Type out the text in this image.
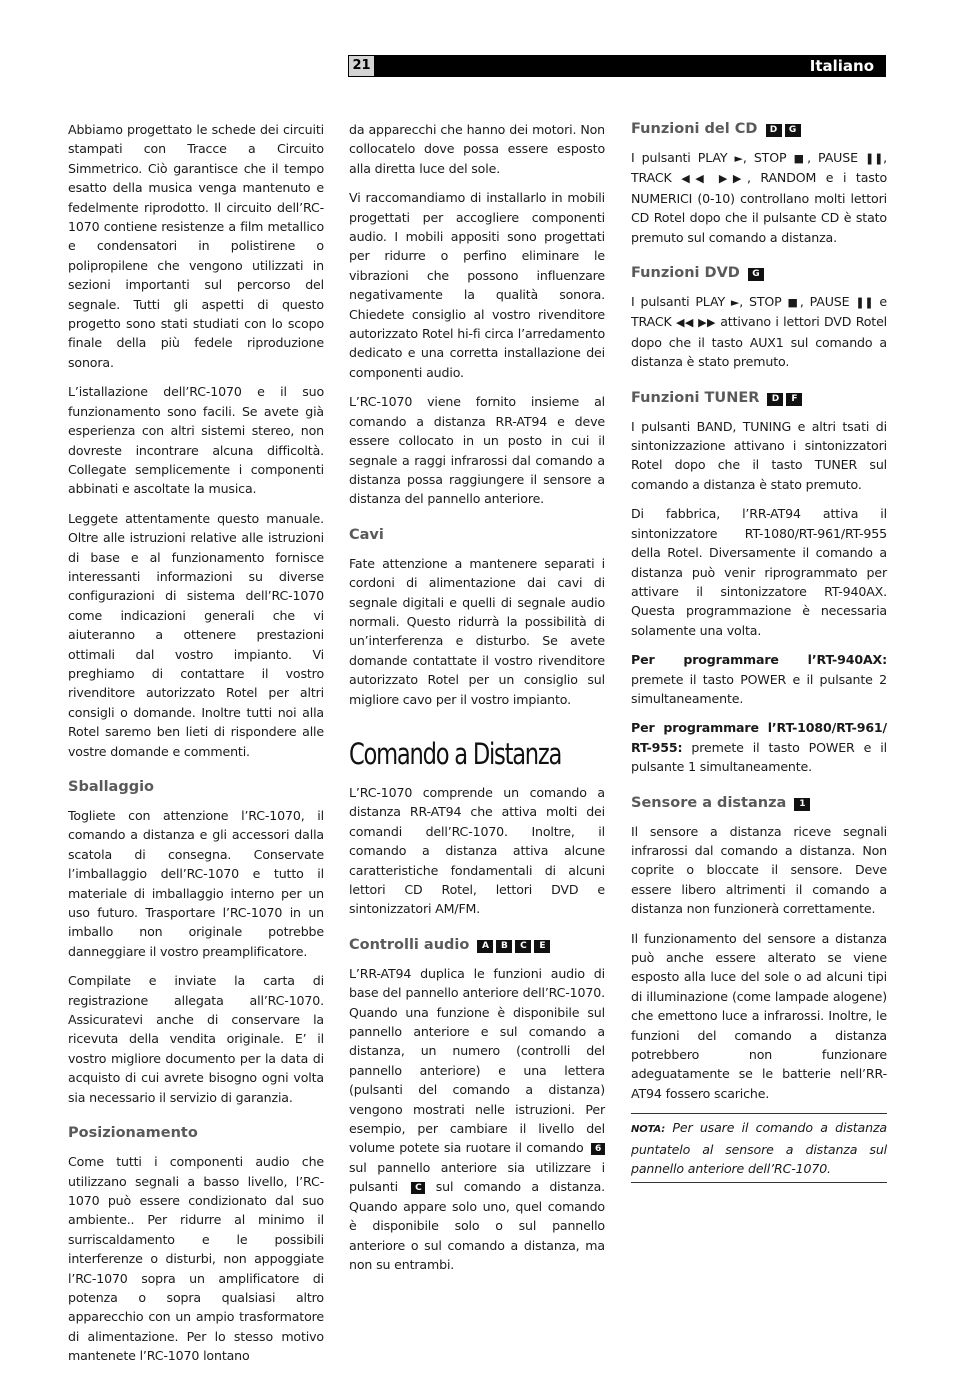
21	Italiano

Abbiamo progettato le schede dei circuiti stampati con Tracce a Circuito Simmetrico. Ciò garantisce che il tempo esatto della musica venga mantenuto e fedelmente riprodotto. Il circuito dell’RC-1070 contiene resistenze a film metallico e condensatori in polistirene o polipropilene che vengono utilizzati in sezioni importanti sul percorso del segnale. Tutti gli aspetti di questo progetto sono stati studiati con lo scopo finale della più fedele riproduzione sonora.

L’istallazione dell’RC-1070 e il suo funzionamento sono facili. Se avete già esperienza con altri sistemi stereo, non dovreste incontrare alcuna difficoltà. Collegate semplicemente i componenti abbinati e ascoltate la musica.

Leggete attentamente questo manuale. Oltre alle istruzioni relative alle istruzioni di base e al funzionamento fornisce interessanti informazioni su diverse configurazioni di sistema dell’RC-1070 come indicazioni generali che vi aiuteranno a ottenere prestazioni ottimali dal vostro impianto. Vi preghiamo di contattare il vostro rivenditore autorizzato Rotel per altri consigli o domande. Inoltre tutti noi alla Rotel saremo ben lieti di rispondere alle vostre domande e commenti.

Sballaggio

Togliete con attenzione l’RC-1070, il comando a distanza e gli accessori dalla scatola di consegna. Conservate l’imballaggio dell’RC-1070 e tutto il materiale di imballaggio interno per un uso futuro. Trasportare l’RC-1070 in un imballo non originale potrebbe danneggiare il vostro preamplificatore.

Compilate e inviate la carta di registrazione allegata all’RC-1070. Assicuratevi anche di conservare la ricevuta della vendita originale. E’ il vostro migliore documento per la data di acquisto di cui avrete bisogno ogni volta sia necessario il servizio di garanzia.

Posizionamento

Come tutti i componenti audio che utilizzano segnali a basso livello, l’RC-1070 può essere condizionato dal suo ambiente.. Per ridurre al minimo il surriscaldamento e le possibili interferenze o disturbi, non appoggiate l’RC-1070 sopra un amplificatore di potenza o sopra qualsiasi altro apparecchio con un ampio trasformatore di alimentazione. Per lo stesso motivo mantenete l’RC-1070 lontano

da apparecchi che hanno dei motori. Non collocatelo dove possa essere esposto alla diretta luce del sole.

Vi raccomandiamo di installarlo in mobili progettati per accogliere componenti audio. I mobili appositi sono progettati per ridurre o perfino eliminare le vibrazioni che possono influenzare negativamente la qualità sonora. Chiedete consiglio al vostro rivenditore autorizzato Rotel hi-fi circa l’arredamento dedicato e una corretta installazione dei componenti audio.

L’RC-1070 viene fornito insieme al comando a distanza RR-AT94 e deve essere collocato in un posto in cui il segnale a raggi infrarossi dal comando a distanza possa raggiungere il sensore a distanza del pannello anteriore.

Cavi

Fate attenzione a mantenere separati i cordoni di alimentazione dai cavi di segnale digitali e quelli di segnale audio normali. Questo ridurrà la possibilità di un’interferenza e disturbo. Se avete domande contattate il vostro rivenditore autorizzato Rotel per un consiglio sul migliore cavo per il vostro impianto.

Comando a Distanza

L’RC-1070 comprende un comando a distanza RR-AT94 che attiva molti dei comandi dell’RC-1070. Inoltre, il comando a distanza attiva alcune caratteristiche fondamentali di alcuni lettori CD Rotel, lettori DVD e sintonizzatori AM/FM.

Controlli audio A B C E

L’RR-AT94 duplica le funzioni audio di base del pannello anteriore dell’RC-1070. Quando una funzione è disponibile sul pannello anteriore e sul comando a distanza, un numero (controlli del pannello anteriore) e una lettera (pulsanti del comando a distanza) vengono mostrati nelle istruzioni. Per esempio, per cambiare il livello del volume potete sia ruotare il comando 6 sul pannello anteriore sia utilizzare i pulsanti C sul comando a distanza. Quando appare solo uno, quel comando è disponibile solo o sul pannello anteriore o sul comando a distanza, ma non su entrambi.

Funzioni del CD D G

I pulsanti PLAY ►, STOP ■, PAUSE ❚❚, TRACK ◀◀ ▶▶, RANDOM e i tasto NUMERICI (0-10) controllano molti lettori CD Rotel dopo che il pulsante CD è stato premuto sul comando a distanza.

Funzioni DVD G

I pulsanti PLAY ►, STOP ■, PAUSE ❚❚ e TRACK ◀◀ ▶▶ attivano i lettori DVD Rotel dopo che il tasto AUX1 sul comando a distanza è stato premuto.

Funzioni TUNER D F

I pulsanti BAND, TUNING e altri tsati di sintonizzazione attivano i sintonizzatori Rotel dopo che il tasto TUNER sul comando a distanza è stato premuto.

Di fabbrica, l’RR-AT94 attiva il sintonizzatore RT-1080/RT-961/RT-955 della Rotel. Diversamente il comando a distanza può venir riprogrammato per attivare il sintonizzatore RT-940AX. Questa programmazione è necessaria solamente una volta.

Per programmare l’RT-940AX: premete il tasto POWER e il pulsante 2 simultaneamente.

Per programmare l’RT-1080/RT-961/ RT-955: premete il tasto POWER e il pulsante 1 simultaneamente.

Sensore a distanza 1

Il sensore a distanza riceve segnali infrarossi dal comando a distanza. Non coprite o bloccate il sensore. Deve essere libero altrimenti il comando a distanza non funzionerà correttamente.

Il funzionamento del sensore a distanza può anche essere alterato se viene esposto alla luce del sole o ad alcuni tipi di illuminazione (come lampade alogene) che emettono luce a infrarossi. Inoltre, le funzioni del comando a distanza potrebbero non funzionare adeguatamente se le batterie nell’RR-AT94 fossero scariche.

NOTA: Per usare il comando a distanza puntatelo al sensore a distanza sul pannello anteriore dell’RC-1070.
